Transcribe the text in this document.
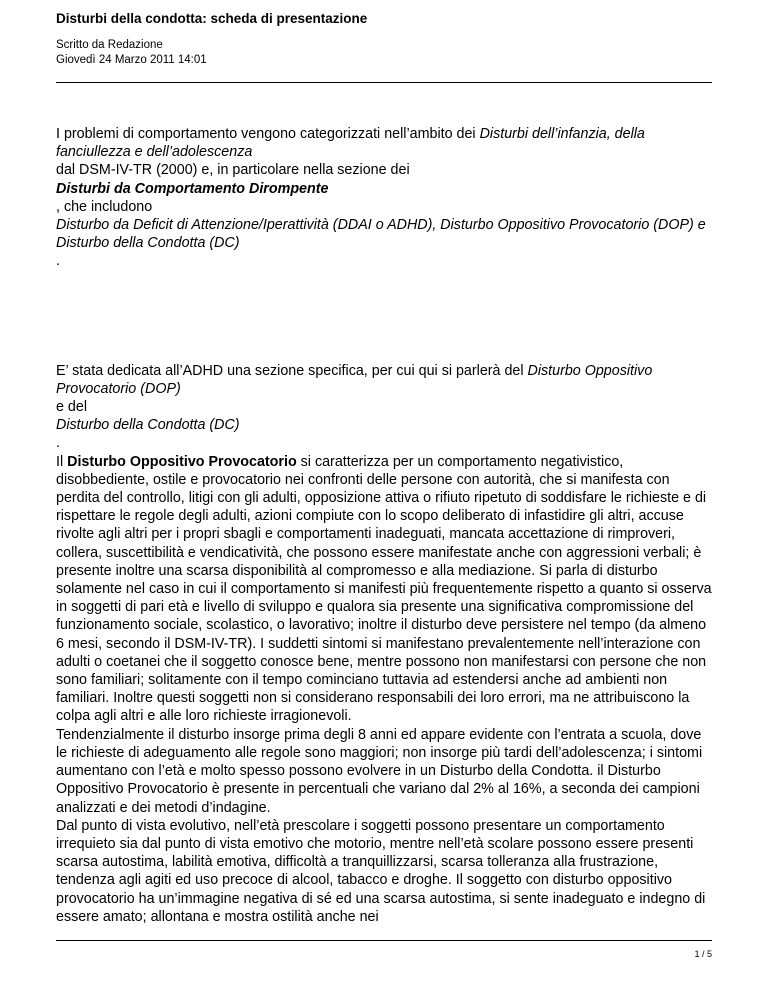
Disturbi della condotta: scheda di presentazione
Scritto da Redazione
Giovedì 24 Marzo 2011 14:01

I problemi di comportamento vengono categorizzati nell’ambito dei Disturbi dell’infanzia, della fanciullezza e dell’adolescenza
dal DSM-IV-TR (2000) e, in particolare nella sezione dei
Disturbi da Comportamento Dirompente
, che includono
Disturbo da Deficit di Attenzione/Iperattività (DDAI o ADHD), Disturbo Oppositivo Provocatorio (DOP) e Disturbo della Condotta (DC)
.

E’ stata dedicata all’ADHD una sezione specifica, per cui qui si parlerà del Disturbo Oppositivo Provocatorio (DOP)
e del
Disturbo della Condotta (DC)
.

Il Disturbo Oppositivo Provocatorio si caratterizza per un comportamento negativistico, disobbediente, ostile e provocatorio nei confronti delle persone con autorità, che si manifesta con perdita del controllo, litigi con gli adulti, opposizione attiva o rifiuto ripetuto di soddisfare le richieste e di rispettare le regole degli adulti, azioni compiute con lo scopo deliberato di infastidire gli altri, accuse rivolte agli altri per i propri sbagli e comportamenti inadeguati, mancata accettazione di rimproveri, collera, suscettibilità e vendicatività, che possono essere manifestate anche con aggressioni verbali; è presente inoltre una scarsa disponibilità al compromesso e alla mediazione. Si parla di disturbo solamente nel caso in cui il comportamento si manifesti più frequentemente rispetto a quanto si osserva in soggetti di pari età e livello di sviluppo e qualora sia presente una significativa compromissione del funzionamento sociale, scolastico, o lavorativo; inoltre il disturbo deve persistere nel tempo (da almeno 6 mesi, secondo il DSM-IV-TR). I suddetti sintomi si manifestano prevalentemente nell’interazione con adulti o coetanei che il soggetto conosce bene, mentre possono non manifestarsi con persone che non sono familiari; solitamente con il tempo cominciano tuttavia ad estendersi anche ad ambienti non familiari. Inoltre questi soggetti non si considerano responsabili dei loro errori, ma ne attribuiscono la colpa agli altri e alle loro richieste irragionevoli.

Tendenzialmente il disturbo insorge prima degli 8 anni ed appare evidente con l’entrata a scuola, dove le richieste di adeguamento alle regole sono maggiori; non insorge più tardi dell’adolescenza; i sintomi aumentano con l’età e molto spesso possono evolvere in un Disturbo della Condotta. il Disturbo Oppositivo Provocatorio è presente in percentuali che variano dal 2% al 16%, a seconda dei campioni analizzati e dei metodi d’indagine.

Dal punto di vista evolutivo, nell’età prescolare i soggetti possono presentare un comportamento irrequieto sia dal punto di vista emotivo che motorio, mentre nell’età scolare possono essere presenti scarsa autostima, labilità emotiva, difficoltà a tranquillizzarsi, scarsa tolleranza alla frustrazione, tendenza agli agiti ed uso precoce di alcool, tabacco e droghe. Il soggetto con disturbo oppositivo provocatorio ha un’immagine negativa di sé ed una scarsa autostima, si sente inadeguato e indegno di essere amato; allontana e mostra ostilità anche nei

1 / 5
